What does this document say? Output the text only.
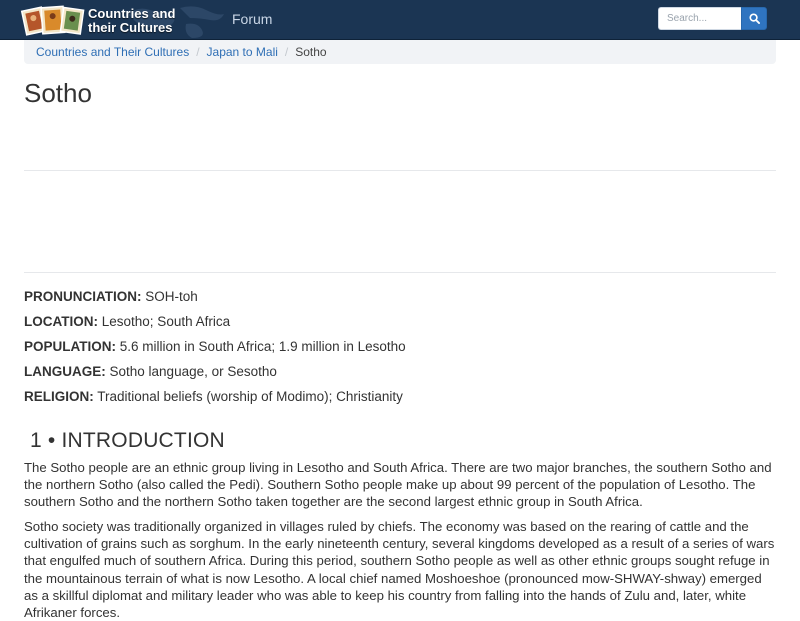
Countries and
their Cultures
Forum
Search...
Countries and Their Cultures / Japan to Mali / Sotho
Sotho
PRONUNCIATION: SOH-toh
LOCATION: Lesotho; South Africa
POPULATION: 5.6 million in South Africa; 1.9 million in Lesotho
LANGUAGE: Sotho language, or Sesotho
RELIGION: Traditional beliefs (worship of Modimo); Christianity
1 • INTRODUCTION

The Sotho people are an ethnic group living in Lesotho and South Africa. There are two major branches, the southern Sotho and the northern Sotho (also called the Pedi). Southern Sotho people make up about 99 percent of the population of Lesotho. The southern Sotho and the northern Sotho taken together are the second largest ethnic group in South Africa.

Sotho society was traditionally organized in villages ruled by chiefs. The economy was based on the rearing of cattle and the cultivation of grains such as sorghum. In the early nineteenth century, several kingdoms developed as a result of a series of wars that engulfed much of southern Africa. During this period, southern Sotho people as well as other ethnic groups sought refuge in the mountainous terrain of what is now Lesotho. A local chief named Moshoeshoe (pronounced mow-SHWAY-shway) emerged as a skillful diplomat and military leader who was able to keep his country from falling into the hands of Zulu and, later, white Afrikaner forces.
